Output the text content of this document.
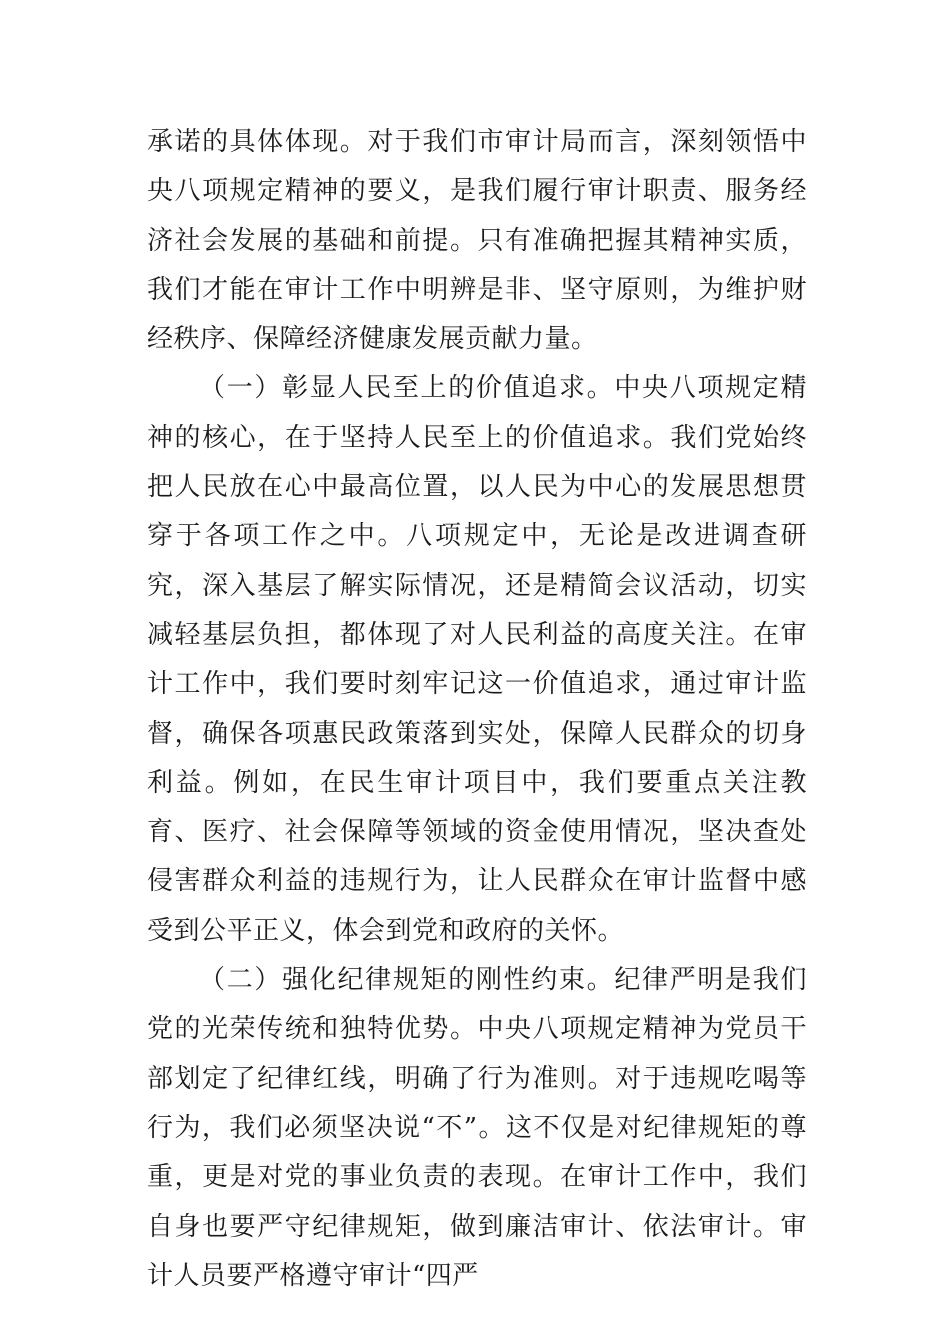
承诺的具体体现。对于我们市审计局而言，深刻领悟中央八项规定精神的要义，是我们履行审计职责、服务经济社会发展的基础和前提。只有准确把握其精神实质，我们才能在审计工作中明辨是非、坚守原则，为维护财经秩序、保障经济健康发展贡献力量。

（一）彰显人民至上的价值追求。中央八项规定精神的核心，在于坚持人民至上的价值追求。我们党始终把人民放在心中最高位置，以人民为中心的发展思想贯穿于各项工作之中。八项规定中，无论是改进调查研究，深入基层了解实际情况，还是精简会议活动，切实减轻基层负担，都体现了对人民利益的高度关注。在审计工作中，我们要时刻牢记这一价值追求，通过审计监督，确保各项惠民政策落到实处，保障人民群众的切身利益。例如，在民生审计项目中，我们要重点关注教育、医疗、社会保障等领域的资金使用情况，坚决查处侵害群众利益的违规行为，让人民群众在审计监督中感受到公平正义，体会到党和政府的关怀。

（二）强化纪律规矩的刚性约束。纪律严明是我们党的光荣传统和独特优势。中央八项规定精神为党员干部划定了纪律红线，明确了行为准则。对于违规吃喝等行为，我们必须坚决说“不”。这不仅是对纪律规矩的尊重，更是对党的事业负责的表现。在审计工作中，我们自身也要严守纪律规矩，做到廉洁审计、依法审计。审计人员要严格遵守审计“四严
